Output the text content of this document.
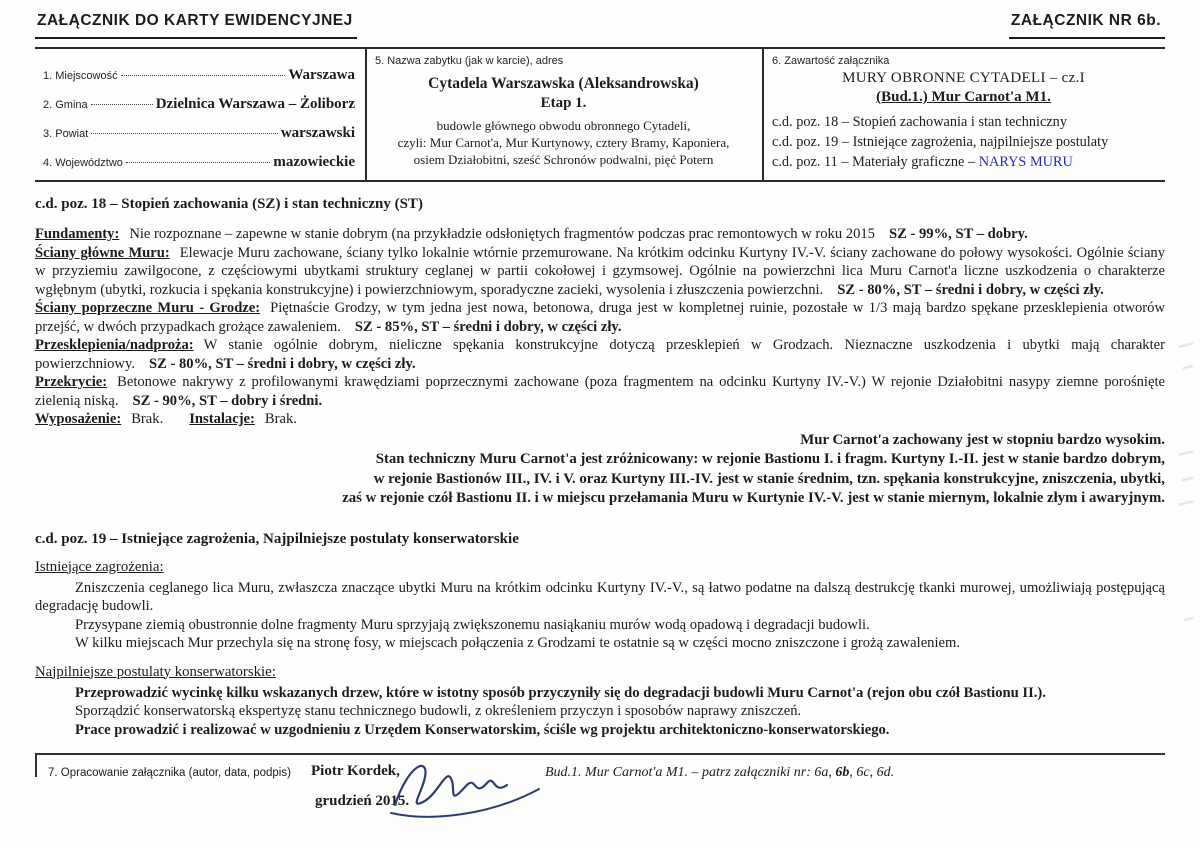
ZAŁĄCZNIK DO KARTY EWIDENCYJNEJ	ZAŁĄCZNIK NR 6b.
1. Miejscowość	Warszawa
2. Gmina	Dzielnica Warszawa – Żoliborz
3. Powiat	warszawski
4. Województwo	mazowieckie
5. Nazwa zabytku (jak w karcie), adres
Cytadela Warszawska (Aleksandrowska)
Etap 1.
budowle głównego obwodu obronnego Cytadeli,
czyli: Mur Carnot'a, Mur Kurtynowy, cztery Bramy, Kaponiera,
osiem Działobitni, sześć Schronów podwalni, pięć Potern
6. Zawartość załącznika
MURY OBRONNE CYTADELI – cz.I
(Bud.1.) Mur Carnot'a M1.
c.d. poz. 18 – Stopień zachowania i stan techniczny
c.d. poz. 19 – Istniejące zagrożenia, najpilniejsze postulaty
c.d. poz. 11 – Materiały graficzne – NARYS MURU
c.d. poz. 18 – Stopień zachowania (SZ) i stan techniczny (ST)

Fundamenty: Nie rozpoznane – zapewne w stanie dobrym (na przykładzie odsłoniętych fragmentów podczas prac remontowych w roku 2015 SZ - 99%, ST – dobry.

Ściany główne Muru: Elewacje Muru zachowane, ściany tylko lokalnie wtórnie przemurowane. Na krótkim odcinku Kurtyny IV.-V. ściany zachowane do połowy wysokości. Ogólnie ściany w przyziemiu zawilgocone, z częściowymi ubytkami struktury ceglanej w partii cokołowej i gzymsowej. Ogólnie na powierzchni lica Muru Carnot'a liczne uszkodzenia o charakterze wgłębnym (ubytki, rozkucia i spękania konstrukcyjne) i powierzchniowym, sporadyczne zacieki, wysolenia i złuszczenia powierzchni. SZ - 80%, ST – średni i dobry, w części zły.

Ściany poprzeczne Muru - Grodze: Piętnaście Grodzy, w tym jedna jest nowa, betonowa, druga jest w kompletnej ruinie, pozostałe w 1/3 mają bardzo spękane przesklepienia otworów przejść, w dwóch przypadkach grożące zawaleniem. SZ - 85%, ST – średni i dobry, w części zły.

Przesklepienia/nadproża: W stanie ogólnie dobrym, nieliczne spękania konstrukcyjne dotyczą przesklepień w Grodzach. Nieznaczne uszkodzenia i ubytki mają charakter powierzchniowy. SZ - 80%, ST – średni i dobry, w części zły.

Przekrycie: Betonowe nakrywy z profilowanymi krawędziami poprzecznymi zachowane (poza fragmentem na odcinku Kurtyny IV.-V.) W rejonie Działobitni nasypy ziemne porośnięte zielenią niską. SZ - 90%, ST – dobry i średni.

Wyposażenie: Brak. Instalacje: Brak.

Mur Carnot'a zachowany jest w stopniu bardzo wysokim.
Stan techniczny Muru Carnot'a jest zróżnicowany: w rejonie Bastionu I. i fragm. Kurtyny I.-II. jest w stanie bardzo dobrym,
w rejonie Bastionów III., IV. i V. oraz Kurtyny III.-IV. jest w stanie średnim, tzn. spękania konstrukcyjne, zniszczenia, ubytki,
zaś w rejonie czół Bastionu II. i w miejscu przełamania Muru w Kurtynie IV.-V. jest w stanie miernym, lokalnie złym i awaryjnym.
c.d. poz. 19 – Istniejące zagrożenia, Najpilniejsze postulaty konserwatorskie
Istniejące zagrożenia:

Zniszczenia ceglanego lica Muru, zwłaszcza znaczące ubytki Muru na krótkim odcinku Kurtyny IV.-V., są łatwo podatne na dalszą destrukcję tkanki murowej, umożliwiają postępującą degradację budowli.

Przysypane ziemią obustronnie dolne fragmenty Muru sprzyjają zwiększonemu nasiąkaniu murów wodą opadową i degradacji budowli.

W kilku miejscach Mur przechyla się na stronę fosy, w miejscach połączenia z Grodzami te ostatnie są w części mocno zniszczone i grożą zawaleniem.

Najpilniejsze postulaty konserwatorskie:

Przeprowadzić wycinkę kilku wskazanych drzew, które w istotny sposób przyczyniły się do degradacji budowli Muru Carnot'a (rejon obu czół Bastionu II.).

Sporządzić konserwatorską ekspertyzę stanu technicznego budowli, z określeniem przyczyn i sposobów naprawy zniszczeń.

Prace prowadzić i realizować w uzgodnieniu z Urzędem Konserwatorskim, ściśle wg projektu architektoniczno-konserwatorskiego.

7. Opracowanie załącznika (autor, data, podpis) Piotr Kordek,
grudzień 2015.
Bud.1. Mur Carnot'a M1. – patrz załączniki nr: 6a, 6b, 6c, 6d.
